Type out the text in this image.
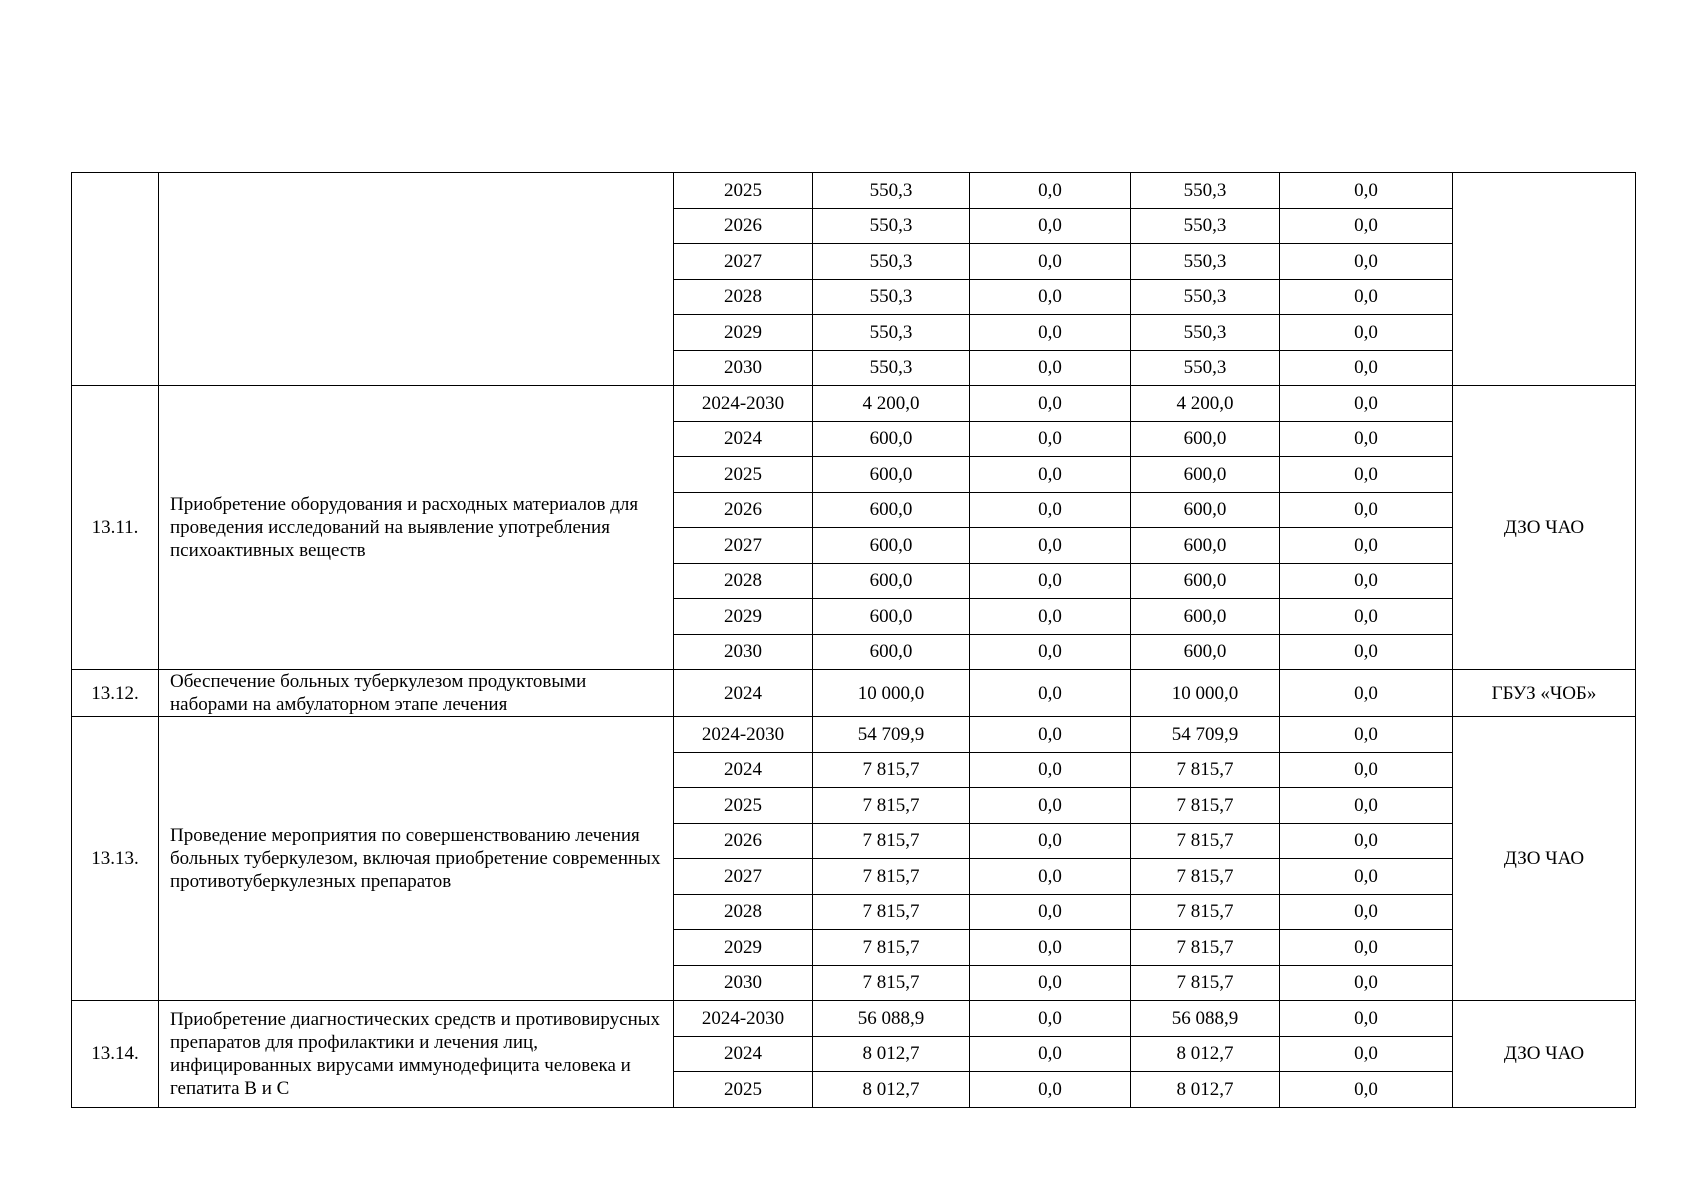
		2025	550,3	0,0	550,3	0,0	
		2026	550,3	0,0	550,3	0,0	
		2027	550,3	0,0	550,3	0,0	
		2028	550,3	0,0	550,3	0,0	
		2029	550,3	0,0	550,3	0,0	
		2030	550,3	0,0	550,3	0,0	
13.11.	Приобретение оборудования и расходных материалов для проведения исследований на выявление употребления психоактивных веществ	2024-2030	4 200,0	0,0	4 200,0	0,0	ДЗО ЧАО
		2024	600,0	0,0	600,0	0,0	
		2025	600,0	0,0	600,0	0,0	
		2026	600,0	0,0	600,0	0,0	
		2027	600,0	0,0	600,0	0,0	
		2028	600,0	0,0	600,0	0,0	
		2029	600,0	0,0	600,0	0,0	
		2030	600,0	0,0	600,0	0,0	
13.12.	Обеспечение больных туберкулезом продуктовыми наборами на амбулаторном этапе лечения	2024	10 000,0	0,0	10 000,0	0,0	ГБУЗ «ЧОБ»
13.13.	Проведение мероприятия по совершенствованию лечения больных туберкулезом, включая приобретение современных противотуберкулезных препаратов	2024-2030	54 709,9	0,0	54 709,9	0,0	ДЗО ЧАО
		2024	7 815,7	0,0	7 815,7	0,0	
		2025	7 815,7	0,0	7 815,7	0,0	
		2026	7 815,7	0,0	7 815,7	0,0	
		2027	7 815,7	0,0	7 815,7	0,0	
		2028	7 815,7	0,0	7 815,7	0,0	
		2029	7 815,7	0,0	7 815,7	0,0	
		2030	7 815,7	0,0	7 815,7	0,0	
13.14.	Приобретение диагностических средств и противовирусных препаратов для профилактики и лечения лиц, инфицированных вирусами иммунодефицита человека и гепатита В и С	2024-2030	56 088,9	0,0	56 088,9	0,0	ДЗО ЧАО
		2024	8 012,7	0,0	8 012,7	0,0	
		2025	8 012,7	0,0	8 012,7	0,0	
